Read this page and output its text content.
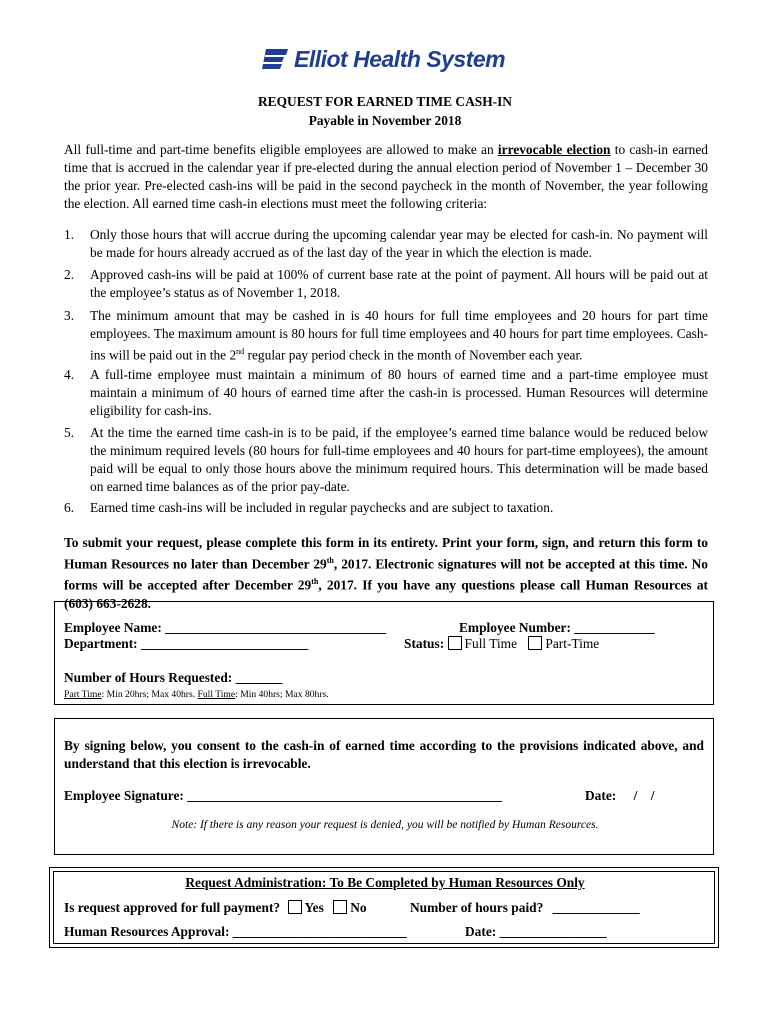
Elliot Health System
REQUEST FOR EARNED TIME CASH-IN
Payable in November 2018
All full-time and part-time benefits eligible employees are allowed to make an irrevocable election to cash-in earned time that is accrued in the calendar year if pre-elected during the annual election period of November 1 – December 30 the prior year. Pre-elected cash-ins will be paid in the second paycheck in the month of November, the year following the election. All earned time cash-in elections must meet the following criteria:
1. Only those hours that will accrue during the upcoming calendar year may be elected for cash-in. No payment will be made for hours already accrued as of the last day of the year in which the election is made.
2. Approved cash-ins will be paid at 100% of current base rate at the point of payment. All hours will be paid out at the employee’s status as of November 1, 2018.
3. The minimum amount that may be cashed in is 40 hours for full time employees and 20 hours for part time employees. The maximum amount is 80 hours for full time employees and 40 hours for part time employees. Cash-ins will be paid out in the 2nd regular pay period check in the month of November each year.
4. A full-time employee must maintain a minimum of 80 hours of earned time and a part-time employee must maintain a minimum of 40 hours of earned time after the cash-in is processed. Human Resources will determine eligibility for cash-ins.
5. At the time the earned time cash-in is to be paid, if the employee’s earned time balance would be reduced below the minimum required levels (80 hours for full-time employees and 40 hours for part-time employees), the amount paid will be equal to only those hours above the minimum required hours. This determination will be made based on earned time balances as of the prior pay-date.
6. Earned time cash-ins will be included in regular paychecks and are subject to taxation.
To submit your request, please complete this form in its entirety. Print your form, sign, and return this form to Human Resources no later than December 29th, 2017. Electronic signatures will not be accepted at this time. No forms will be accepted after December 29th, 2017. If you have any questions please call Human Resources at (603) 663-2628.
Employee Name: _________________________________	Employee Number: ____________
Department: _________________________	Status: Full Time Part-Time
Number of Hours Requested: _______
Part Time: Min 20hrs; Max 40hrs. Full Time: Min 40hrs; Max 80hrs.
By signing below, you consent to the cash-in of earned time according to the provisions indicated above, and understand that this election is irrevocable.
Employee Signature: _______________________________________________	Date: /    /
Note: If there is any reason your request is denied, you will be notified by Human Resources.
Request Administration: To Be Completed by Human Resources Only
Is request approved for full payment? Yes No	Number of hours paid? _____________
Human Resources Approval: __________________________	Date: ________________
